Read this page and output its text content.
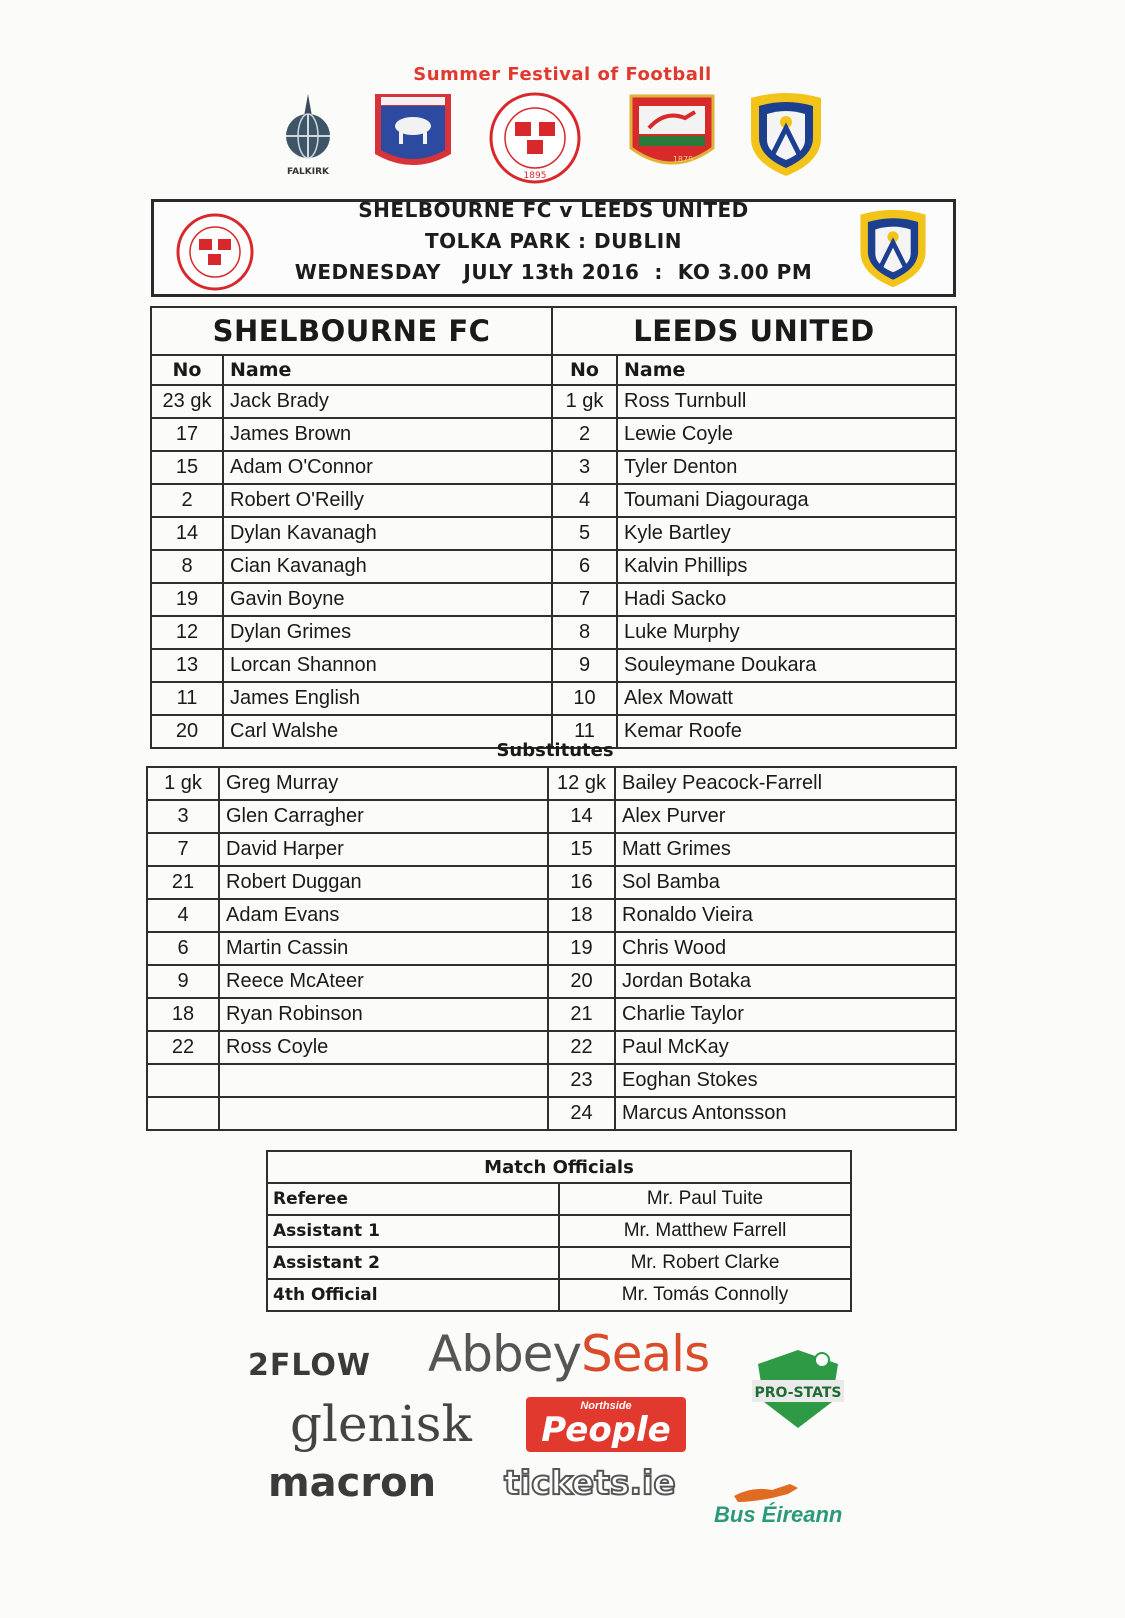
Summer Festival of Football
FALKIRK	1895
1879
SHELBOURNE FC v LEEDS UNITED
TOLKA PARK : DUBLIN
WEDNESDAY   JULY 13th 2016  :  KO 3.00 PM
SHELBOURNE FC		LEEDS UNITED	
No	Name	No	Name
23 gk	Jack Brady	1 gk	Ross Turnbull
17	James Brown	2	Lewie Coyle
15	Adam O'Connor	3	Tyler Denton
2	Robert O'Reilly	4	Toumani Diagouraga
14	Dylan Kavanagh	5	Kyle Bartley
8	Cian Kavanagh	6	Kalvin Phillips
19	Gavin Boyne	7	Hadi Sacko
12	Dylan Grimes	8	Luke Murphy
13	Lorcan Shannon	9	Souleymane Doukara
11	James English	10	Alex Mowatt
20	Carl Walshe	11	Kemar Roofe
Substitutes
1 gk	Greg Murray	12 gk	Bailey Peacock-Farrell
3	Glen Carragher	14	Alex Purver
7	David Harper	15	Matt Grimes
21	Robert Duggan	16	Sol Bamba
4	Adam Evans	18	Ronaldo Vieira
6	Martin Cassin	19	Chris Wood
9	Reece McAteer	20	Jordan Botaka
18	Ryan Robinson	21	Charlie Taylor
22	Ross Coyle	22	Paul McKay
		23	Eoghan Stokes
		24	Marcus Antonsson
Match Officials	
Referee	Mr. Paul Tuite
Assistant 1	Mr. Matthew Farrell
Assistant 2	Mr. Robert Clarke
4th Official	Mr. Tomás Connolly
2FLOW AbbeySeals
glenisk	Northside
People
macron tickets.ie
Bus Éireann
PRO-STATS
